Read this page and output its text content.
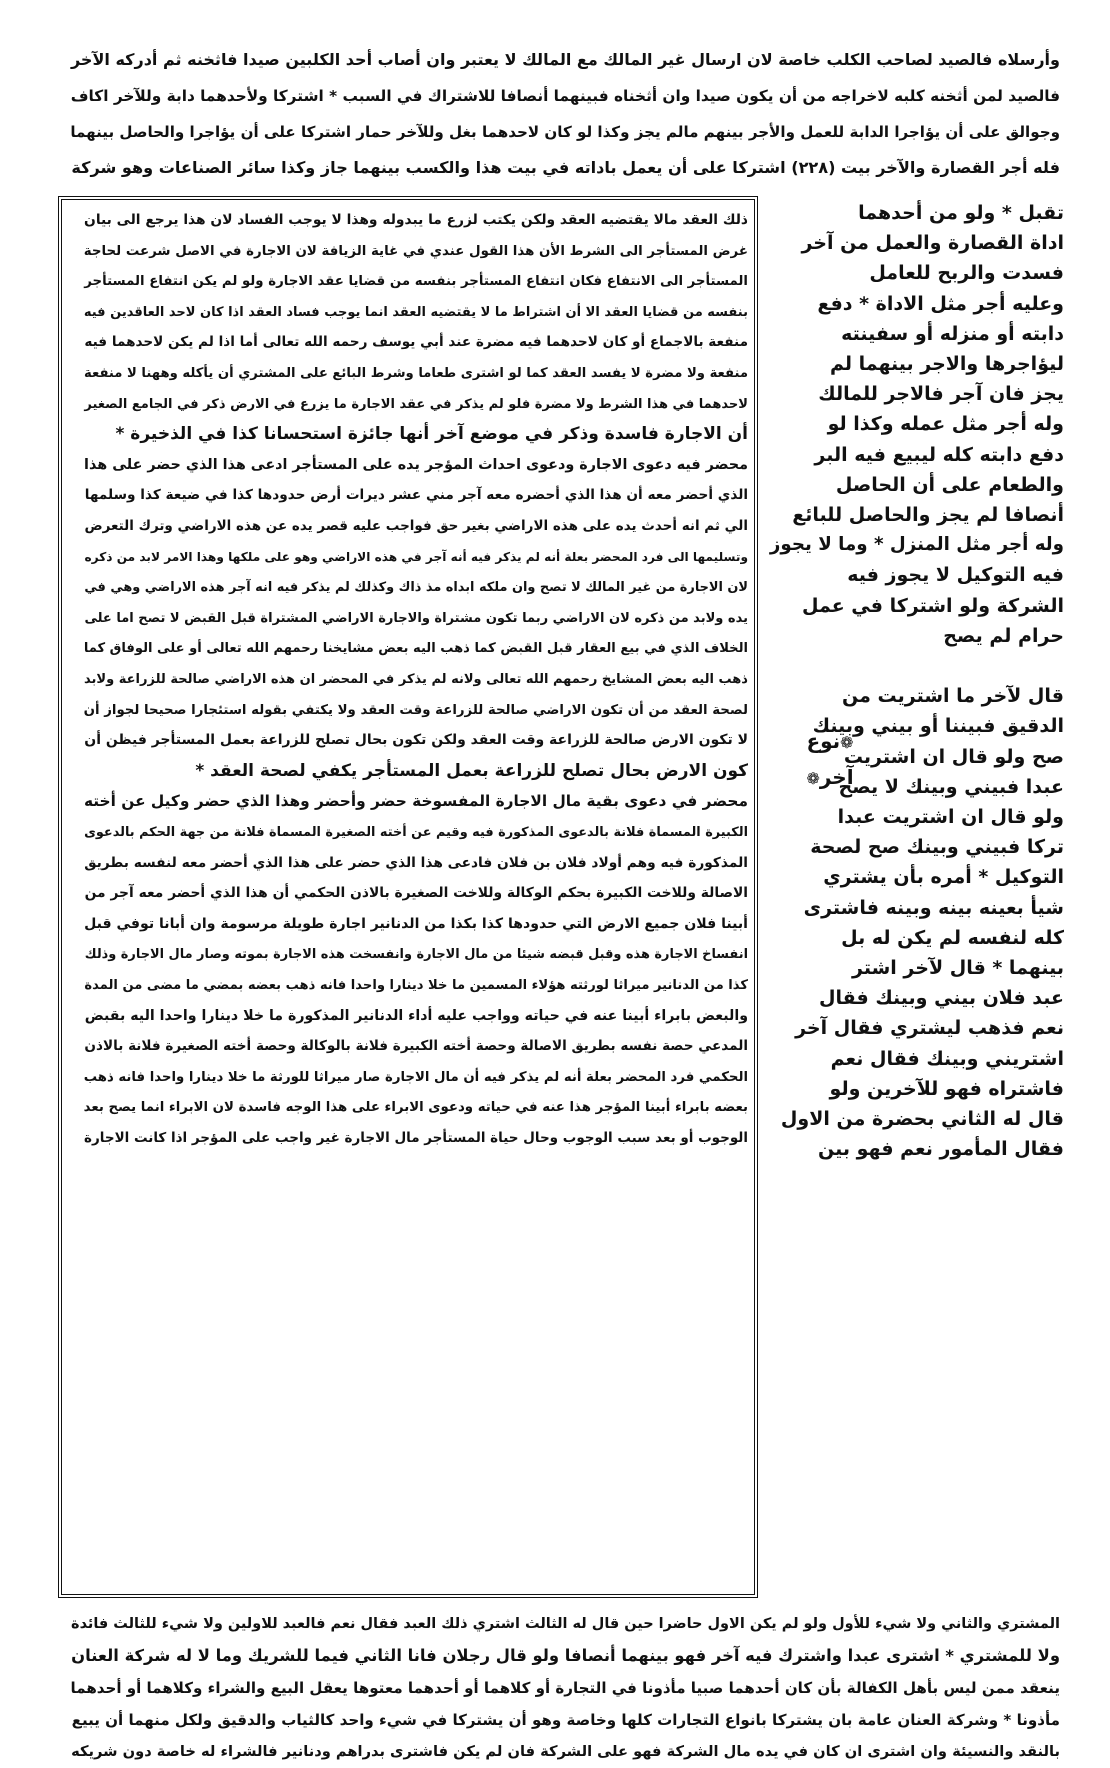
وأرسلاه فالصيد لصاحب الكلب خاصة لان ارسال غير المالك مع المالك لا يعتبر وان أصاب أحد الكلبين صيدا فاثخنه ثم أدركه الآخر
فالصيد لمن أثخنه كلبه لاخراجه من أن يكون صيدا وان أثخناه فبينهما أنصافا للاشتراك في السبب * اشتركا ولأحدهما دابة وللآخر اكاف
وجوالق على أن يؤاجرا الدابة للعمل والأجر بينهم مالم يجز وكذا لو كان لاحدهما بغل وللآخر حمار اشتركا على أن يؤاجرا والحاصل بينهما
فله أجر القصارة والآخر بيت (٢٢٨) اشتركا على أن يعمل باداته في بيت هذا والكسب بينهما جاز وكذا سائر الصناعات وهو شركة
ذلك العقد مالا يقتضيه العقد ولكن يكتب لزرع ما يبدوله وهذا لا يوجب الفساد لان هذا يرجع الى بيان
غرض المستأجر الى الشرط الأن هذا القول عندي في غاية الزيافة لان الاجارة في الاصل شرعت لحاجة
المستأجر الى الانتفاع فكان انتفاع المستأجر بنفسه من قضايا عقد الاجارة ولو لم يكن انتفاع المستأجر
بنفسه من قضايا العقد الا أن اشتراط ما لا يقتضيه العقد انما يوجب فساد العقد اذا كان لاحد العاقدين فيه
منفعة بالاجماع أو كان لاحدهما فيه مضرة عند أبي يوسف رحمه الله تعالى أما اذا لم يكن لاحدهما فيه
منفعة ولا مضرة لا يفسد العقد كما لو اشترى طعاما وشرط البائع على المشتري أن يأكله وههنا لا منفعة
لاحدهما في هذا الشرط ولا مضرة فلو لم يذكر في عقد الاجارة ما يزرع في الارض ذكر في الجامع الصغير
أن الاجارة فاسدة وذكر في موضع آخر أنها جائزة استحسانا كذا في الذخيرة *
محضر فيه دعوى الاجارة ودعوى احداث المؤجر يده على المستأجر ادعى هذا الذي حضر على هذا
الذي أحضر معه أن هذا الذي أحضره معه آجر مني عشر ديرات أرض حدودها كذا في ضيعة كذا وسلمها
الي ثم انه أحدث يده على هذه الاراضي بغير حق فواجب عليه قصر يده عن هذه الاراضي وترك التعرض
وتسليمها الى فرد المحضر بعلة أنه لم يذكر فيه أنه آجر في هذه الاراضي وهو على ملكها وهذا الامر لابد من ذكره
لان الاجارة من غير المالك لا تصح وان ملكه ابداه مذ ذاك وكذلك لم يذكر فيه انه آجر هذه الاراضي وهي في
يده ولابد من ذكره لان الاراضي ربما تكون مشتراة والاجارة الاراضي المشتراة قبل القبض لا تصح اما على
الخلاف الذي في بيع العقار قبل القبض كما ذهب اليه بعض مشايخنا رحمهم الله تعالى أو على الوفاق كما
ذهب اليه بعض المشايخ رحمهم الله تعالى ولانه لم يذكر في المحضر ان هذه الاراضي صالحة للزراعة ولابد
لصحة العقد من أن تكون الاراضي صالحة للزراعة وقت العقد ولا يكتفي بقوله استئجارا صحيحا لجواز أن
لا تكون الارض صالحة للزراعة وقت العقد ولكن تكون بحال تصلح للزراعة بعمل المستأجر فيظن أن
كون الارض بحال تصلح للزراعة بعمل المستأجر يكفي لصحة العقد *
محضر في دعوى بقية مال الاجارة المفسوخة حضر وأحضر وهذا الذي حضر وكيل عن أخته
الكبيرة المسماة فلانة بالدعوى المذكورة فيه وقيم عن أخته الصغيرة المسماة فلانة من جهة الحكم بالدعوى
المذكورة فيه وهم أولاد فلان بن فلان فادعى هذا الذي حضر على هذا الذي أحضر معه لنفسه بطريق
الاصالة وللاخت الكبيرة بحكم الوكالة وللاخت الصغيرة بالاذن الحكمي أن هذا الذي أحضر معه آجر من
أبينا فلان جميع الارض التي حدودها كذا بكذا من الدنانير اجارة طويلة مرسومة وان أبانا توفي قبل
انفساخ الاجارة هذه وقبل قبضه شيئا من مال الاجارة وانفسخت هذه الاجارة بموته وصار مال الاجارة وذلك
كذا من الدنانير ميراثا لورثته هؤلاء المسمين ما خلا دينارا واحدا فانه ذهب بعضه بمضي ما مضى من المدة
والبعض بابراء أبينا عنه في حياته وواجب عليه أداء الدنانير المذكورة ما خلا دينارا واحدا اليه بقبض
المدعي حصة نفسه بطريق الاصالة وحصة أخته الكبيرة فلانة بالوكالة وحصة أخته الصغيرة فلانة بالاذن
الحكمي فرد المحضر بعلة أنه لم يذكر فيه أن مال الاجارة صار ميراثا للورثة ما خلا دينارا واحدا فانه ذهب
بعضه بابراء أبينا المؤجر هذا عنه في حياته ودعوى الابراء على هذا الوجه فاسدة لان الابراء انما يصح بعد
الوجوب أو بعد سبب الوجوب وحال حياة المستأجر مال الاجارة غير واجب على المؤجر اذا كانت الاجارة
تقبل * ولو من أحدهما
اداة القصارة والعمل من آخر
فسدت والربح للعامل
وعليه أجر مثل الاداة * دفع
دابته أو منزله أو سفينته
ليؤاجرها والاجر بينهما لم
يجز فان آجر فالاجر للمالك
وله أجر مثل عمله وكذا لو
دفع دابته كله ليبيع فيه البر
والطعام على أن الحاصل
أنصافا لم يجز والحاصل للبائع
وله أجر مثل المنزل * وما لا يجوز
فيه التوكيل لا يجوز فيه
الشركة ولو اشتركا في عمل
حرام لم يصح
قال لآخر ما اشتريت من
الدقيق فبيننا أو بيني وبينك
صح ولو قال ان اشتريت
عبدا فبيني وبينك لا يصح
ولو قال ان اشتريت عبدا
تركا فبيني وبينك صح لصحة
التوكيل * أمره بأن يشتري
شيأ بعينه بينه وبينه فاشترى
كله لنفسه لم يكن له بل
بينهما * قال لآخر اشتر
عبد فلان بيني وبينك فقال
نعم فذهب ليشتري فقال آخر
اشتريني وبينك فقال نعم
فاشتراه فهو للآخرين ولو
قال له الثاني بحضرة من الاول
فقال المأمور نعم فهو بين
❁نوع آخر❁
المشتري والثاني ولا شيء للأول ولو لم يكن الاول حاضرا حين قال له الثالث اشتري ذلك العبد فقال نعم فالعبد للاولين ولا شيء للثالث فائدة
ولا للمشتري * اشترى عبدا واشترك فيه آخر فهو بينهما أنصافا ولو قال رجلان فانا الثاني فيما للشريك وما لا له شركة العنان
ينعقد ممن ليس بأهل الكفالة بأن كان أحدهما صبيا مأذونا في التجارة أو كلاهما أو أحدهما معتوها يعقل البيع والشراء وكلاهما أو أحدهما
مأذونا * وشركة العنان عامة بان يشتركا بانواع التجارات كلها وخاصة وهو أن يشتركا في شيء واحد كالثياب والدقيق ولكل منهما أن يبيع
بالنقد والنسيئة وان اشترى ان كان في يده مال الشركة فهو على الشركة فان لم يكن فاشترى بدراهم ودنانير فالشراء له خاصة دون شريكه
